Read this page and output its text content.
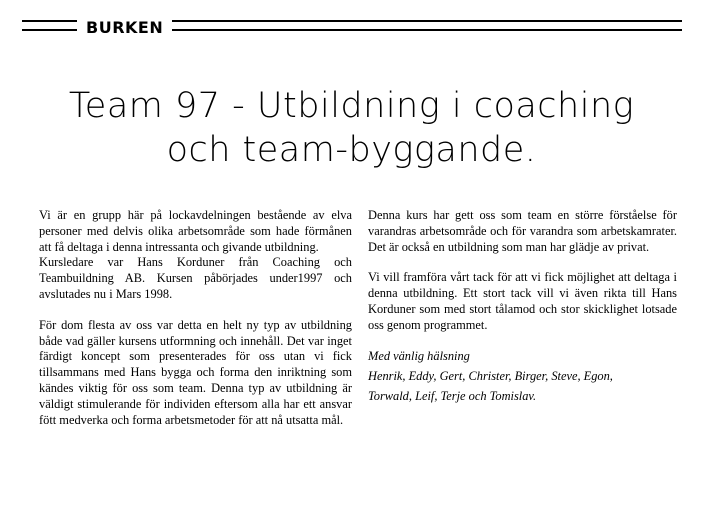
BURKEN
Team 97 - Utbildning i coaching
och team-byggande.

Vi är en grupp här på lockavdelningen bestående av elva personer med delvis olika arbetsområde som hade förmånen att få deltaga i denna intressanta och givande utbildning.

Kursledare var Hans Korduner från Coaching och Teambuildning AB. Kursen påbörjades under1997 och avslutades nu i Mars 1998.

För dom flesta av oss var detta en helt ny typ av utbildning både vad gäller kursens utformning och innehåll. Det var inget färdigt koncept som presenterades för oss utan vi fick tillsammans med Hans bygga och forma den inriktning som kändes viktig för oss som team. Denna typ av utbildning är väldigt stimulerande för individen eftersom alla har ett ansvar fött medverka och forma arbetsmetoder för att nå utsatta mål.

Denna kurs har gett oss som team en större förståelse för varandras arbetsområde och för varandra som arbetskamrater. Det är också en utbildning som man har glädje av privat.

Vi vill framföra vårt tack för att vi fick möjlighet att deltaga i denna utbildning. Ett stort tack vill vi även rikta till Hans Korduner som med stort tålamod och stor skicklighet lotsade oss genom programmet.

Med vänlig hälsning

Henrik, Eddy, Gert, Christer, Birger, Steve, Egon,

Torwald, Leif, Terje och Tomislav.
